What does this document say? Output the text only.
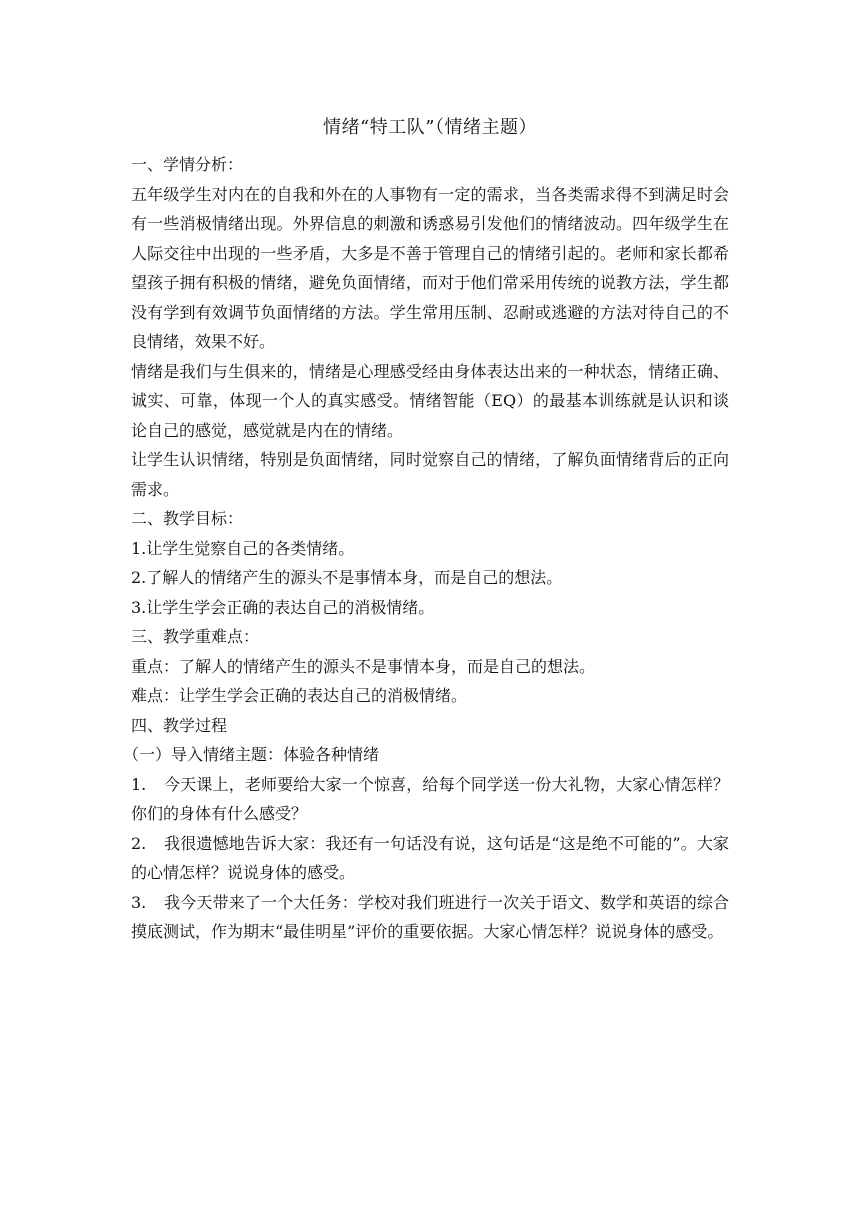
情绪“特工队”（情绪主题）

一、学情分析：

五年级学生对内在的自我和外在的人事物有一定的需求，当各类需求得不到满足时会有一些消极情绪出现。外界信息的刺激和诱惑易引发他们的情绪波动。四年级学生在人际交往中出现的一些矛盾，大多是不善于管理自己的情绪引起的。老师和家长都希望孩子拥有积极的情绪，避免负面情绪，而对于他们常采用传统的说教方法，学生都没有学到有效调节负面情绪的方法。学生常用压制、忍耐或逃避的方法对待自己的不良情绪，效果不好。

情绪是我们与生俱来的，情绪是心理感受经由身体表达出来的一种状态，情绪正确、诚实、可靠，体现一个人的真实感受。情绪智能（EQ）的最基本训练就是认识和谈论自己的感觉，感觉就是内在的情绪。

让学生认识情绪，特别是负面情绪，同时觉察自己的情绪，了解负面情绪背后的正向需求。

二、教学目标：

1.让学生觉察自己的各类情绪。

2.了解人的情绪产生的源头不是事情本身，而是自己的想法。

3.让学生学会正确的表达自己的消极情绪。

三、教学重难点：

重点：了解人的情绪产生的源头不是事情本身，而是自己的想法。

难点：让学生学会正确的表达自己的消极情绪。

四、教学过程

（一）导入情绪主题：体验各种情绪

1. 今天课上，老师要给大家一个惊喜，给每个同学送一份大礼物，大家心情怎样？你们的身体有什么感受？

2. 我很遗憾地告诉大家：我还有一句话没有说，这句话是“这是绝不可能的”。大家的心情怎样？说说身体的感受。

3. 我今天带来了一个大任务：学校对我们班进行一次关于语文、数学和英语的综合摸底测试，作为期末“最佳明星”评价的重要依据。大家心情怎样？说说身体的感受。
